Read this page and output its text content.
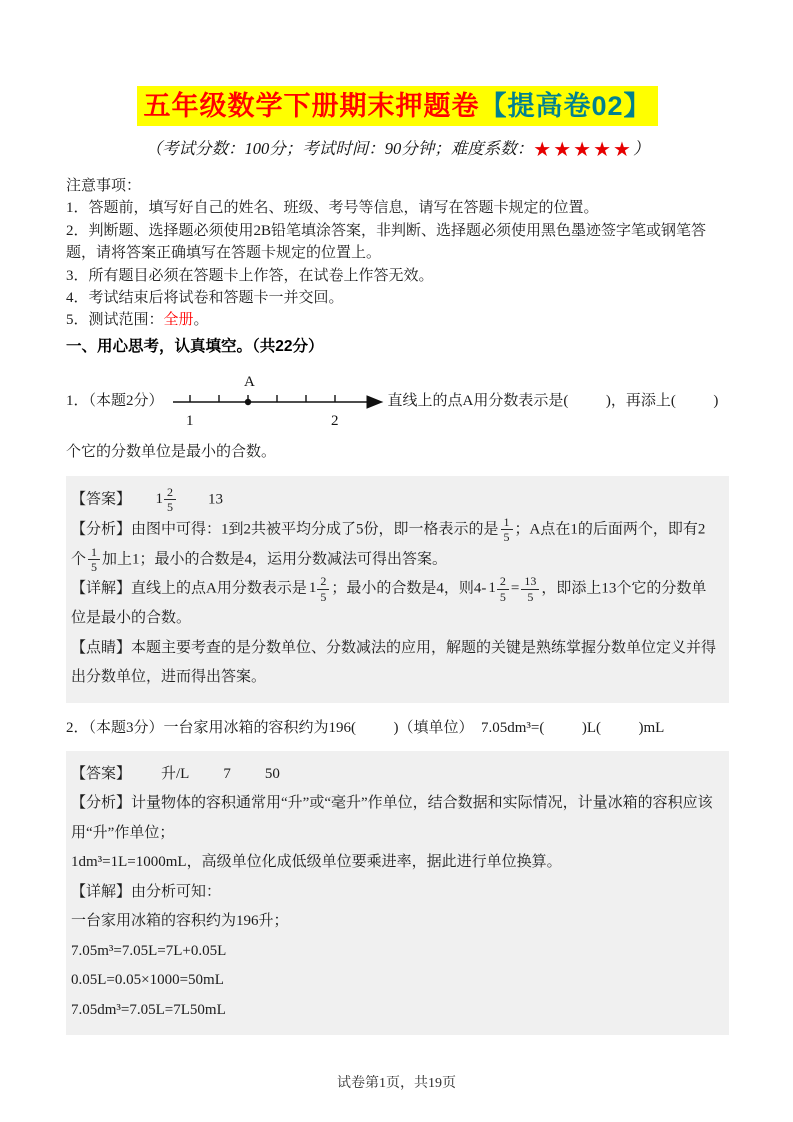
五年级数学下册期末押题卷【提高卷02】
（考试分数：100分；考试时间：90分钟；难度系数：★★★★★）

注意事项：

1．答题前，填写好自己的姓名、班级、考号等信息，请写在答题卡规定的位置。

2．判断题、选择题必须使用2B铅笔填涂答案，非判断、选择题必须使用黑色墨迹签字笔或钢笔答题，请将答案正确填写在答题卡规定的位置上。

3．所有题目必须在答题卡上作答，在试卷上作答无效。

4．考试结束后将试卷和答题卡一并交回。

5．测试范围：全册。

一、用心思考，认真填空。（共22分）
1．（本题2分）
A
1	2
直线上的点A用分数表示是(          )，再添上(          )

个它的分数单位是最小的合数。

【答案】 $1 \frac{2}{5} 13$

【分析】由图中可得：1到2共被平均分成了5份，即一格表示的是 $\frac{1}{5}$ ；A点在1的后面两个，即有2个 $\frac{1}{5}$ 加上1；最小的合数是4，运用分数减法可得出答案。

【详解】直线上的点A用分数表示是 $1 \frac{2}{5}$ ；最小的合数是4，则4- $1 \frac{2}{5} = \frac{13}{5}$ ，即添上13个它的分数单位是最小的合数。

【点睛】本题主要考查的是分数单位、分数减法的应用，解题的关键是熟练掌握分数单位定义并得出分数单位，进而得出答案。

2．（本题3分）一台家用冰箱的容积约为196(          )（填单位）  7.05dm³=(          )L(          )mL

【答案】 升/L 7 50

【分析】计量物体的容积通常用“升”或“毫升”作单位，结合数据和实际情况，计量冰箱的容积应该用“升”作单位；

1dm³=1L=1000mL，高级单位化成低级单位要乘进率，据此进行单位换算。

【详解】由分析可知：

一台家用冰箱的容积约为196升；

7.05m³=7.05L=7L+0.05L

0.05L=0.05×1000=50mL

7.05dm³=7.05L=7L50mL

试卷第1页，共19页
